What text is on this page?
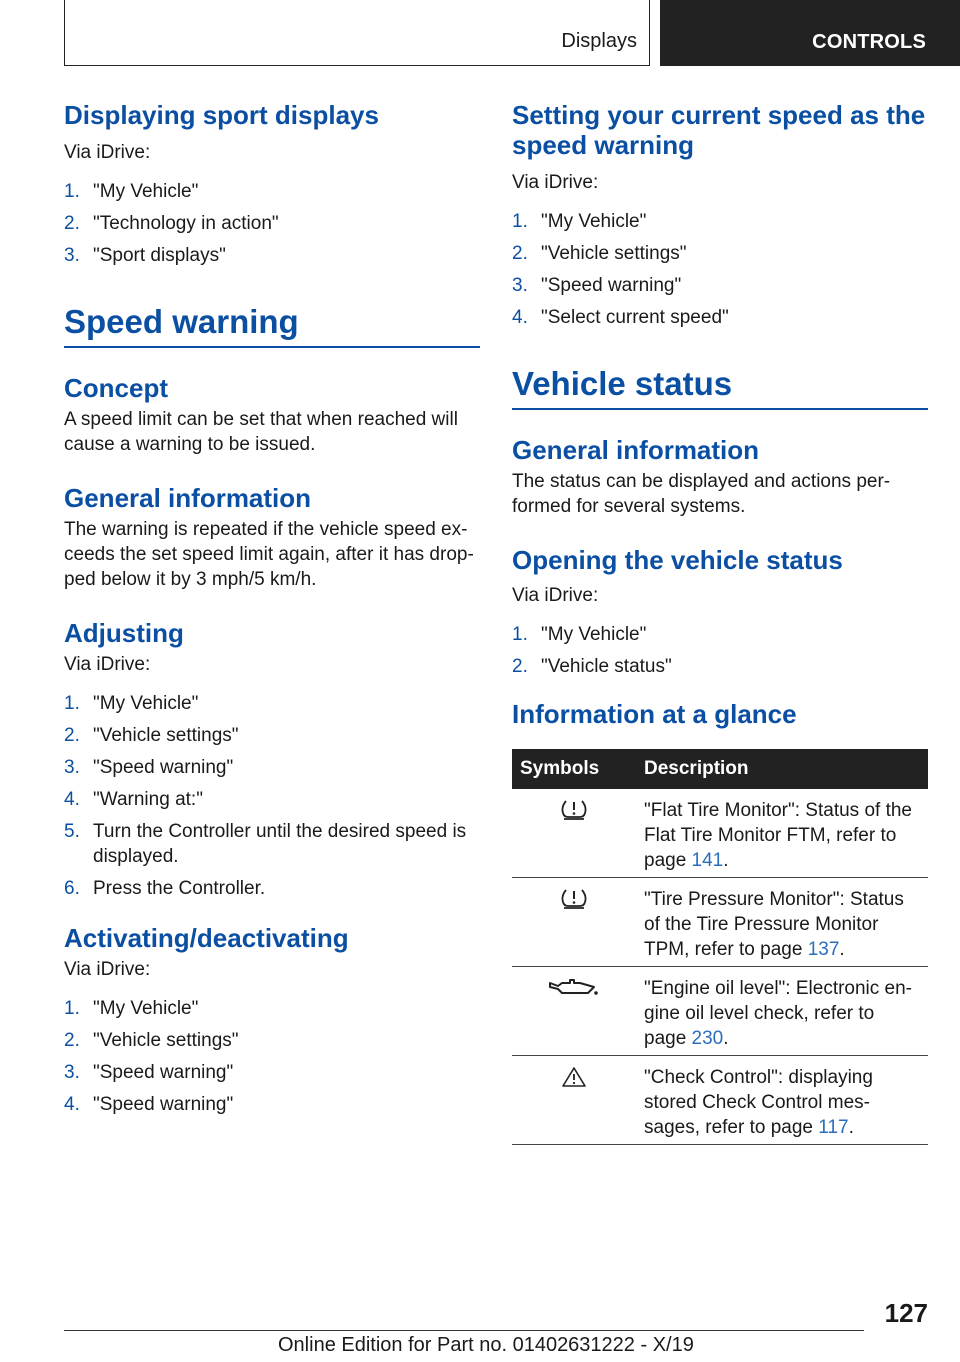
Displays	CONTROLS
Displaying sport displays

Via iDrive:

1. "My Vehicle"
2. "Technology in action"
3. "Sport displays"
Speed warning
Concept

A speed limit can be set that when reached will cause a warning to be issued.

General information

The warning is repeated if the vehicle speed ex-ceeds the set speed limit again, after it has drop-ped below it by 3 mph/5 km/h.

Adjusting

Via iDrive:

1. "My Vehicle"
2. "Vehicle settings"
3. "Speed warning"
4. "Warning at:"
5. Turn the Controller until the desired speed is displayed.
6. Press the Controller.
Activating/deactivating

Via iDrive:

1. "My Vehicle"
2. "Vehicle settings"
3. "Speed warning"
4. "Speed warning"
Setting your current speed as the speed warning

Via iDrive:

1. "My Vehicle"
2. "Vehicle settings"
3. "Speed warning"
4. "Select current speed"
Vehicle status
General information

The status can be displayed and actions per-formed for several systems.

Opening the vehicle status

Via iDrive:

1. "My Vehicle"
2. "Vehicle status"
Information at a glance
Symbols	Description
	"Flat Tire Monitor": Status of the Flat Tire Monitor FTM, refer to page 141.
	"Tire Pressure Monitor": Status of the Tire Pressure Monitor TPM, refer to page 137.
	"Engine oil level": Electronic en-gine oil level check, refer to page 230.
	"Check Control": displaying stored Check Control mes-sages, refer to page 117.
127
Online Edition for Part no. 01402631222 - X/19
